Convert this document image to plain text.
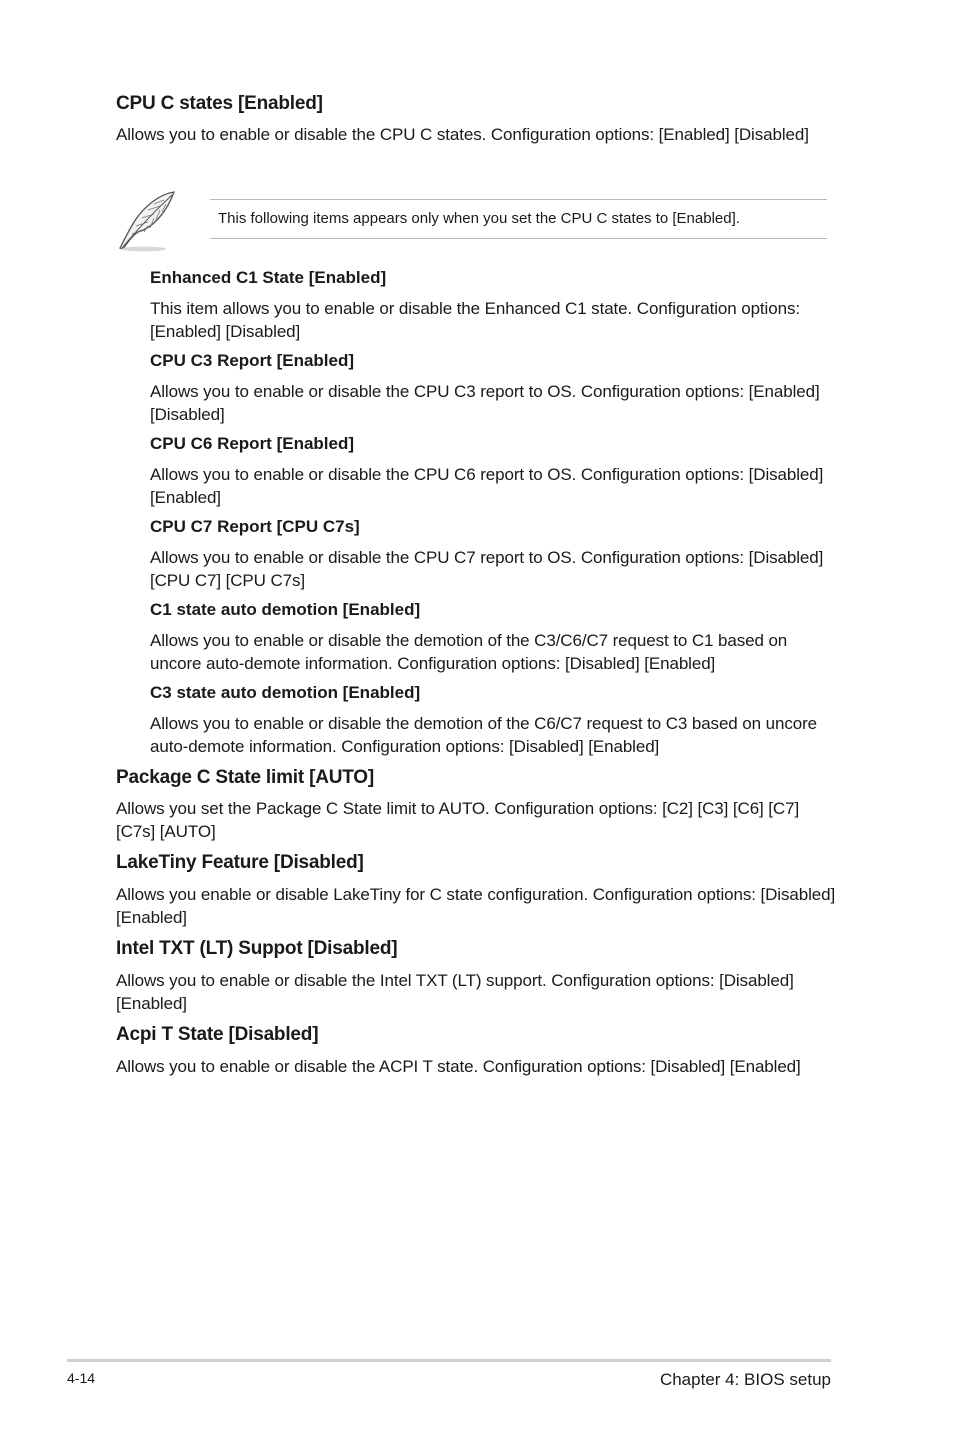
CPU C states [Enabled]
Allows you to enable or disable the CPU C states. Configuration options: [Enabled] [Disabled]
This following items appears only when you set the CPU C states to [Enabled].
Enhanced C1 State [Enabled]
This item allows you to enable or disable the Enhanced C1 state. Configuration options: [Enabled] [Disabled]
CPU C3 Report [Enabled]
Allows you to enable or disable the CPU C3 report to OS. Configuration options: [Enabled] [Disabled]
CPU C6 Report [Enabled]
Allows you to enable or disable the CPU C6 report to OS. Configuration options: [Disabled] [Enabled]
CPU C7 Report [CPU C7s]
Allows you to enable or disable the CPU C7 report to OS. Configuration options: [Disabled] [CPU C7] [CPU C7s]
C1 state auto demotion [Enabled]
Allows you to enable or disable the demotion of the C3/C6/C7 request to C1 based on uncore auto-demote information. Configuration options: [Disabled] [Enabled]
C3 state auto demotion [Enabled]
Allows you to enable or disable the demotion of the C6/C7 request to C3 based on uncore auto-demote information. Configuration options: [Disabled] [Enabled]
Package C State limit [AUTO]
Allows you set the Package C State limit to AUTO. Configuration options: [C2] [C3] [C6] [C7] [C7s] [AUTO]
LakeTiny Feature [Disabled]
Allows you enable or disable LakeTiny for C state configuration. Configuration options: [Disabled] [Enabled]
Intel TXT (LT) Suppot [Disabled]
Allows you to enable or disable the Intel TXT (LT) support. Configuration options: [Disabled] [Enabled]
Acpi T State [Disabled]
Allows you to enable or disable the ACPI T state. Configuration options: [Disabled] [Enabled]
4-14	Chapter 4: BIOS setup
